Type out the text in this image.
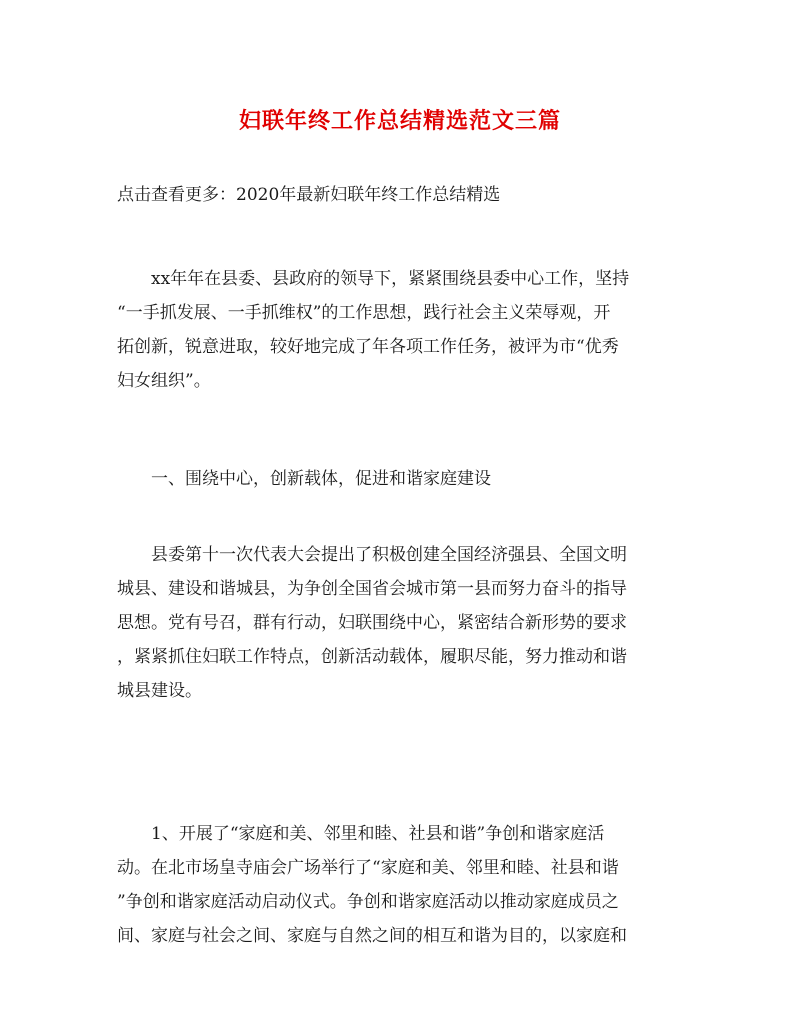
妇联年终工作总结精选范文三篇
点击查看更多：2020年最新妇联年终工作总结精选
　　xx年年在县委、县政府的领导下，紧紧围绕县委中心工作，坚持
“一手抓发展、一手抓维权”的工作思想，践行社会主义荣辱观，开
拓创新，锐意进取，较好地完成了年各项工作任务，被评为市“优秀
妇女组织”。
　　一、围绕中心，创新载体，促进和谐家庭建设
　　县委第十一次代表大会提出了积极创建全国经济强县、全国文明
城县、建设和谐城县，为争创全国省会城市第一县而努力奋斗的指导
思想。党有号召，群有行动，妇联围绕中心，紧密结合新形势的要求
，紧紧抓住妇联工作特点，创新活动载体，履职尽能，努力推动和谐
城县建设。
　　1、开展了“家庭和美、邻里和睦、社县和谐”争创和谐家庭活
动。在北市场皇寺庙会广场举行了“家庭和美、邻里和睦、社县和谐
”争创和谐家庭活动启动仪式。争创和谐家庭活动以推动家庭成员之
间、家庭与社会之间、家庭与自然之间的相互和谐为目的，以家庭和
